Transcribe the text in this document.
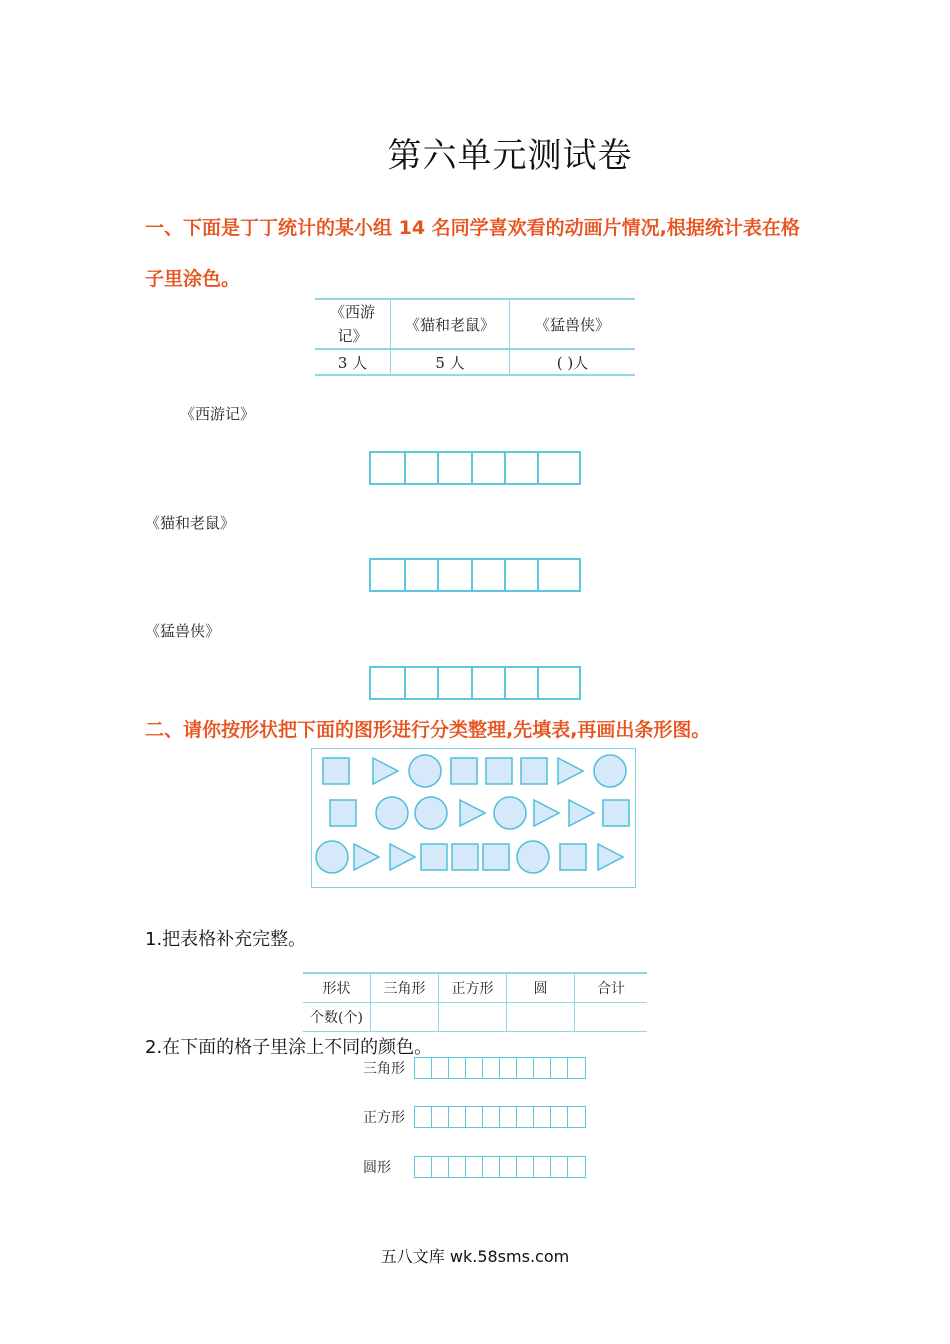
第六单元测试卷
一、下面是丁丁统计的某小组 14 名同学喜欢看的动画片情况,根据统计表在格
子里涂色。
《西游记》	《猫和老鼠》	《猛兽侠》
3 人	5 人	( )人
《西游记》
《猫和老鼠》
《猛兽侠》
二、请你按形状把下面的图形进行分类整理,先填表,再画出条形图。
1.把表格补充完整。
形状	三角形	正方形	圆	合计
个数(个)				
2.在下面的格子里涂上不同的颜色。
三角形
正方形
圆形
五八文库 wk.58sms.com
